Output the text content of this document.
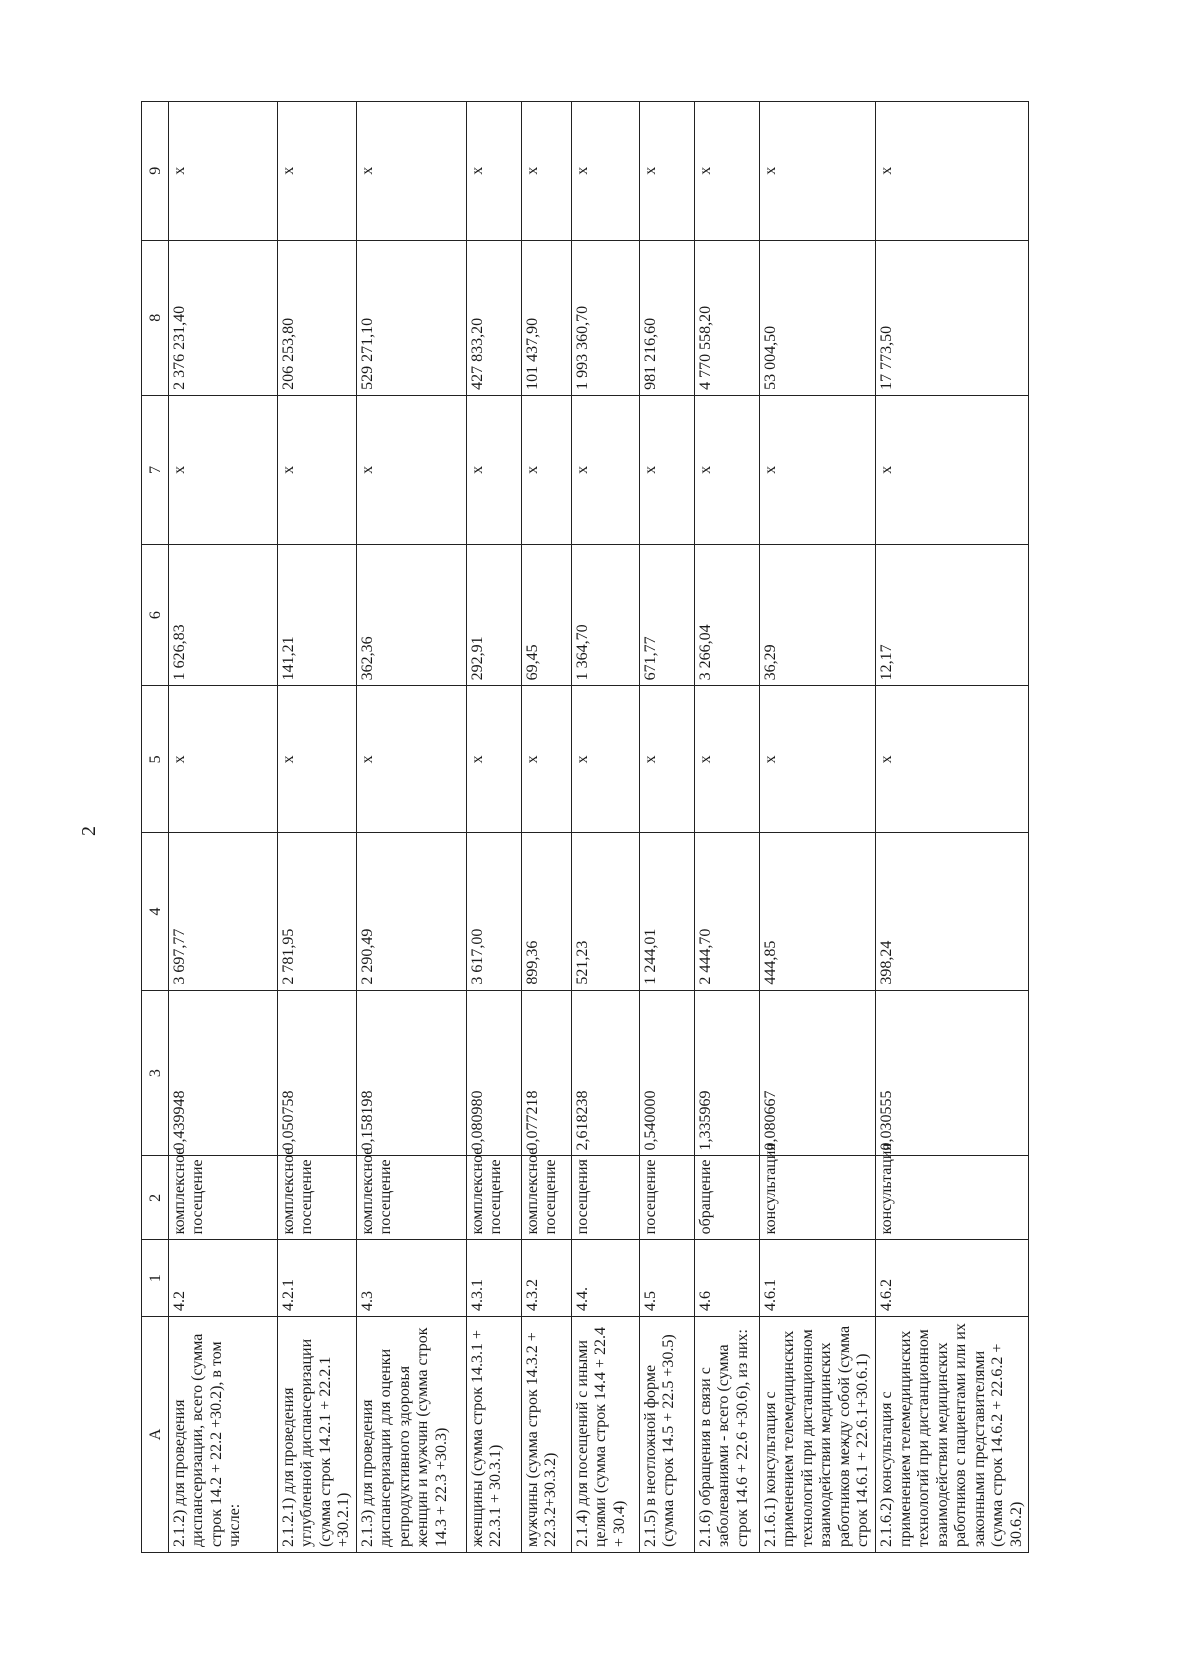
2
А	1	2	3	4	5	6	7	8	9
2.1.2) для проведения диспансеризации, всего (сумма строк 14.2 + 22.2 +30.2), в том числе:	4.2	комплексное посещение	0,439948	3 697,77	х	1 626,83	х	2 376 231,40	х
2.1.2.1) для проведения углубленной диспансеризации (сумма строк 14.2.1 + 22.2.1 +30.2.1)	4.2.1	комплексное посещение	0,050758	2 781,95	х	141,21	х	206 253,80	х
2.1.3) для проведения диспансеризации для оценки репродуктивного здоровья женщин и мужчин (сумма строк 14.3 + 22.3 +30.3)	4.3	комплексное посещение	0,158198	2 290,49	х	362,36	х	529 271,10	х
женщины (сумма строк 14.3.1 + 22.3.1 + 30.3.1)	4.3.1	комплексное посещение	0,080980	3 617,00	х	292,91	х	427 833,20	х
мужчины (сумма строк 14.3.2 + 22.3.2+30.3.2)	4.3.2	комплексное посещение	0,077218	899,36	х	69,45	х	101 437,90	х
2.1.4) для посещений с иными целями (сумма строк 14.4 + 22.4 + 30.4)	4.4.	посещения	2,618238	521,23	х	1 364,70	х	1 993 360,70	х
2.1.5) в неотложной форме (сумма строк 14.5 + 22.5 +30.5)	4.5	посещение	0,540000	1 244,01	х	671,77	х	981 216,60	х
2.1.6) обращения в связи с заболеваниями - всего (сумма строк 14.6 + 22.6 +30.6), из них:	4.6	обращение	1,335969	2 444,70	х	3 266,04	х	4 770 558,20	х
2.1.6.1) консультация с применением телемедицинских технологий при дистанционном взаимодействии медицинских работников между собой (сумма строк 14.6.1 + 22.6.1+30.6.1)	4.6.1	консультация	0,080667	444,85	х	36,29	х	53 004,50	х
2.1.6.2) консультация с применением телемедицинских технологий при дистанционном взаимодействии медицинских работников с пациентами или их законными представителями (сумма строк 14.6.2 + 22.6.2 + 30.6.2)	4.6.2	консультация	0,030555	398,24	х	12,17	х	17 773,50	х
